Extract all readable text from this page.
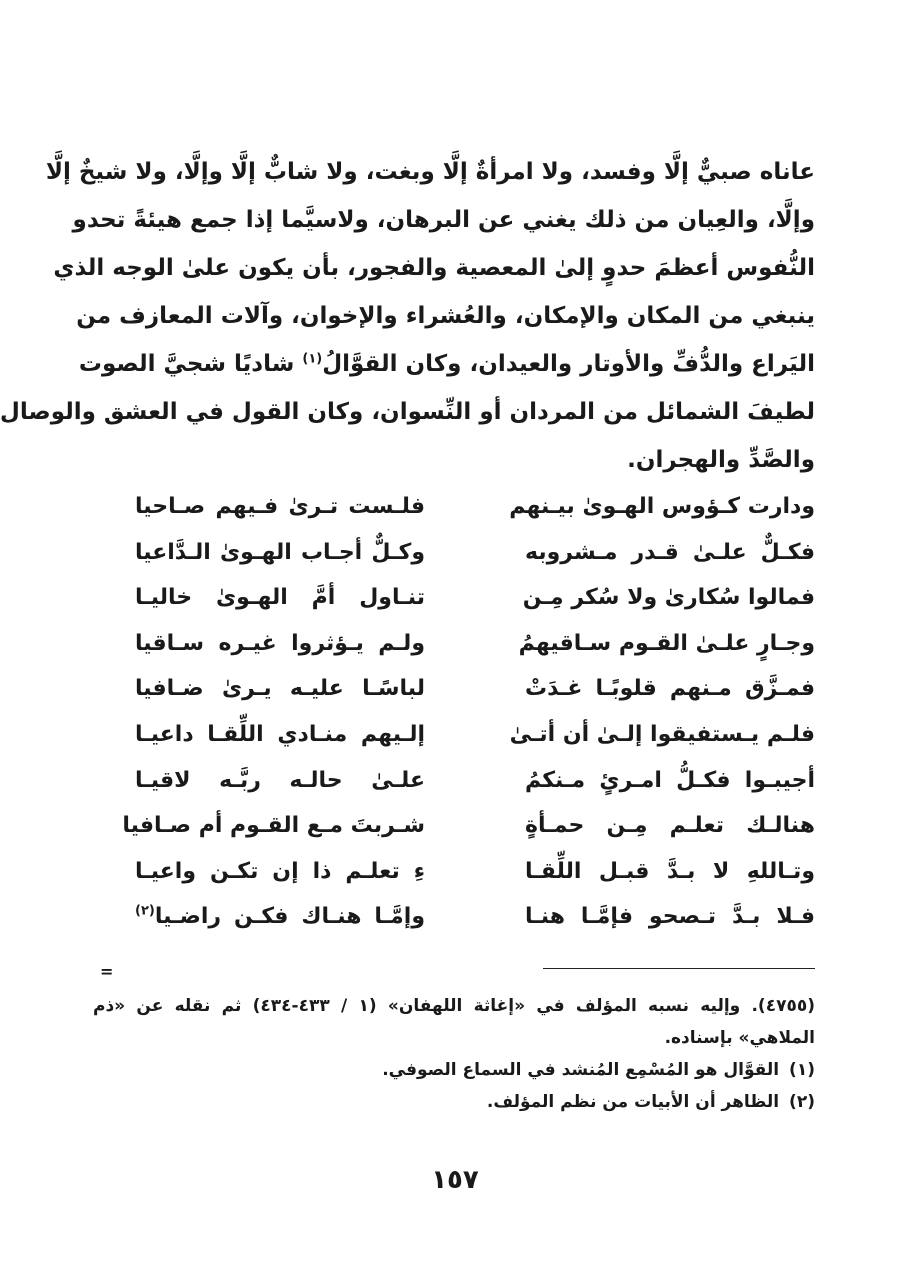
عاناه صبيٌّ إلَّا وفسد، ولا امرأةٌ إلَّا وبغت، ولا شابٌّ إلَّا وإلَّا، ولا شيخٌ إلَّا
وإلَّا، والعِيان من ذلك يغني عن البرهان، ولاسيَّما إذا جمع هيئةً تحدو
النُّفوس أعظمَ حدوٍ إلىٰ المعصية والفجور، بأن يكون علىٰ الوجه الذي
ينبغي من المكان والإمكان، والعُشراء والإخوان، وآلات المعازف من
اليَراع والدُّفِّ والأوتار والعيدان، وكان القوَّالُ$^{(١)}$ شاديًا شجيَّ الصوت
لطيفَ الشمائل من المردان أو النِّسوان، وكان القول في العشق والوصال
والصَّدِّ والهجران.
ودارت كـؤوس الهـوىٰ بيـنهم
فلـست تـرىٰ فـيهم صـاحيا
فكـلٌّ علـىٰ قـدر مـشروبه
وكـلٌّ أجـاب الهـوىٰ الـدَّاعيا
فمالوا سُكارىٰ ولا سُكر مِـن
تنـاول أمَّ الهـوىٰ خاليـا
وجـارٍ علـىٰ القـوم سـاقيهمُ
ولـم يـؤثروا غيـره سـاقيا
فمـزَّق مـنهم قلوبًـا غـدَتْ
لباسًـا عليـه يـرىٰ ضـافيا
فلـم يـستفيقوا إلـىٰ أن أتـىٰ
إلـيهم منـادي اللِّقـا داعيـا
أجيبـوا فكـلُّ امـرئٍ مـنكمُ
علـىٰ حالـه ربَّـه لاقيـا
هنالـك تعلـم مِـن حمـأةٍ
شـربتَ مـع القـوم أم صـافيا
وتـاللهِ لا بـدَّ قبـل اللِّقـا
ءِ تعلـم ذا إن تكـن واعيـا
فـلا بـدَّ تـصحو فإمَّـا هنـا
وإمَّـا هنـاك فكـن راضـيا$^{(٢)}$
=
(٤٧٥٥). وإليه نسبه المؤلف في «إغاثة اللهفان» (١ / ٤٣٣-٤٣٤) ثم نقله عن «ذم
الملاهي» بإسناده.
(١) القوَّال هو المُسْمِع المُنشد في السماع الصوفي.
(٢) الظاهر أن الأبيات من نظم المؤلف.
١٥٧
